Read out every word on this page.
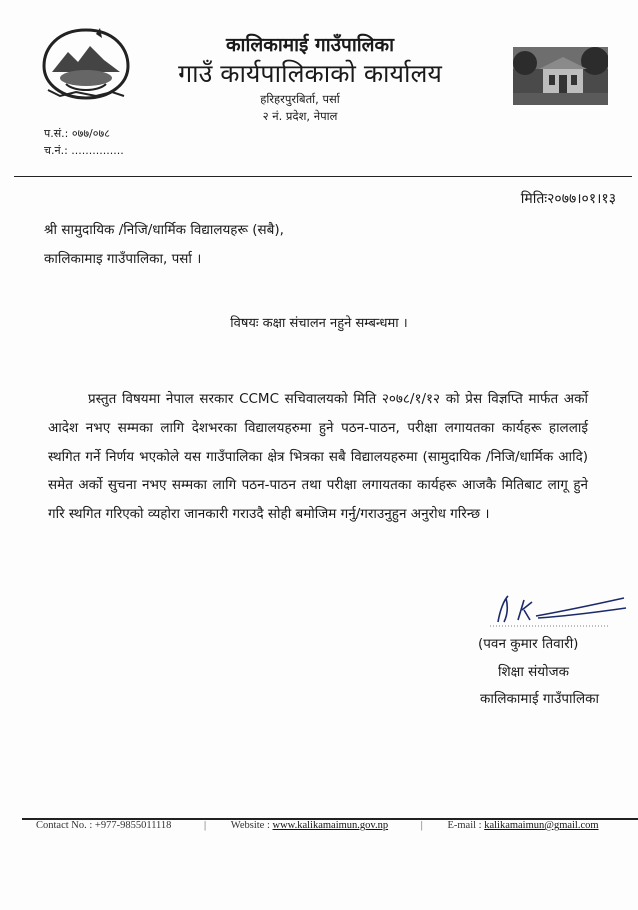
कालिकामाई गाउँपालिका
गाउँ कार्यपालिकाको कार्यालय
हरिहरपुरबिर्ता, पर्सा
२ नं. प्रदेश, नेपाल
प.सं.: ०७७/०७८
च.नं.: ...............
मितिः२०७७।०१।१३
श्री सामुदायिक /निजि/धार्मिक विद्यालयहरू (सबै),
कालिकामाइ गाउँपालिका, पर्सा ।
विषयः कक्षा संचालन नहुने सम्बन्धमा ।
प्रस्तुत विषयमा नेपाल सरकार CCMC सचिवालयको मिति २०७८/१/१२ को प्रेस विज्ञप्ति मार्फत अर्को आदेश नभए सम्मका लागि देशभरका विद्यालयहरुमा हुने पठन-पाठन, परीक्षा लगायतका कार्यहरू हाललाई स्थगित गर्ने निर्णय भएकोले यस गाउँपालिका क्षेत्र भित्रका सबै विद्यालयहरुमा (सामुदायिक /निजि/धार्मिक आदि) समेत अर्को सुचना नभए सम्मका लागि पठन-पाठन तथा परीक्षा लगायतका कार्यहरू आजकै मितिबाट लागू हुने गरि स्थगित गरिएको व्यहोरा जानकारी गराउदै सोही बमोजिम गर्नु/गराउनुहुन अनुरोध गरिन्छ ।
(पवन कुमार तिवारी)
शिक्षा संयोजक
कालिकामाई गाउँपालिका
Contact No. : +977-9855011118	| Website : www.kalikamaimun.gov.np	| E-mail : kalikamaimun@gmail.com
